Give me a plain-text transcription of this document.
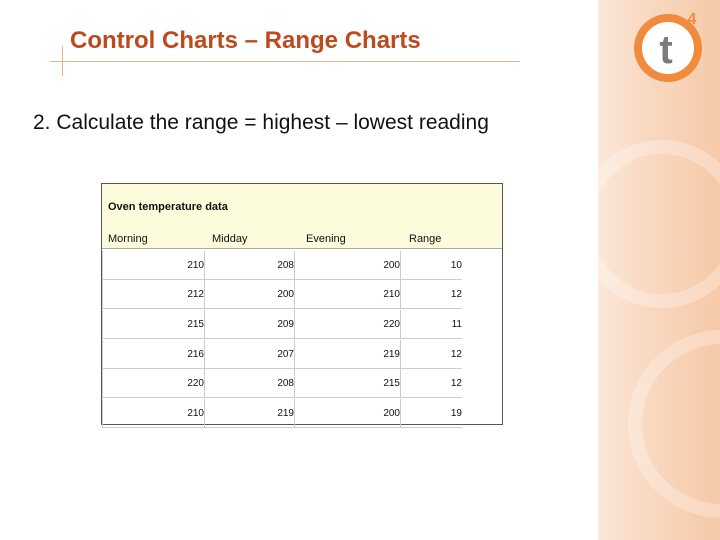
t
4
Control Charts – Range Charts
2. Calculate the range = highest – lowest reading
Oven temperature data
Morning	Midday	Evening	Range
210	208	200	10
212	200	210	12
215	209	220	11
216	207	219	12
220	208	215	12
210	219	200	19
